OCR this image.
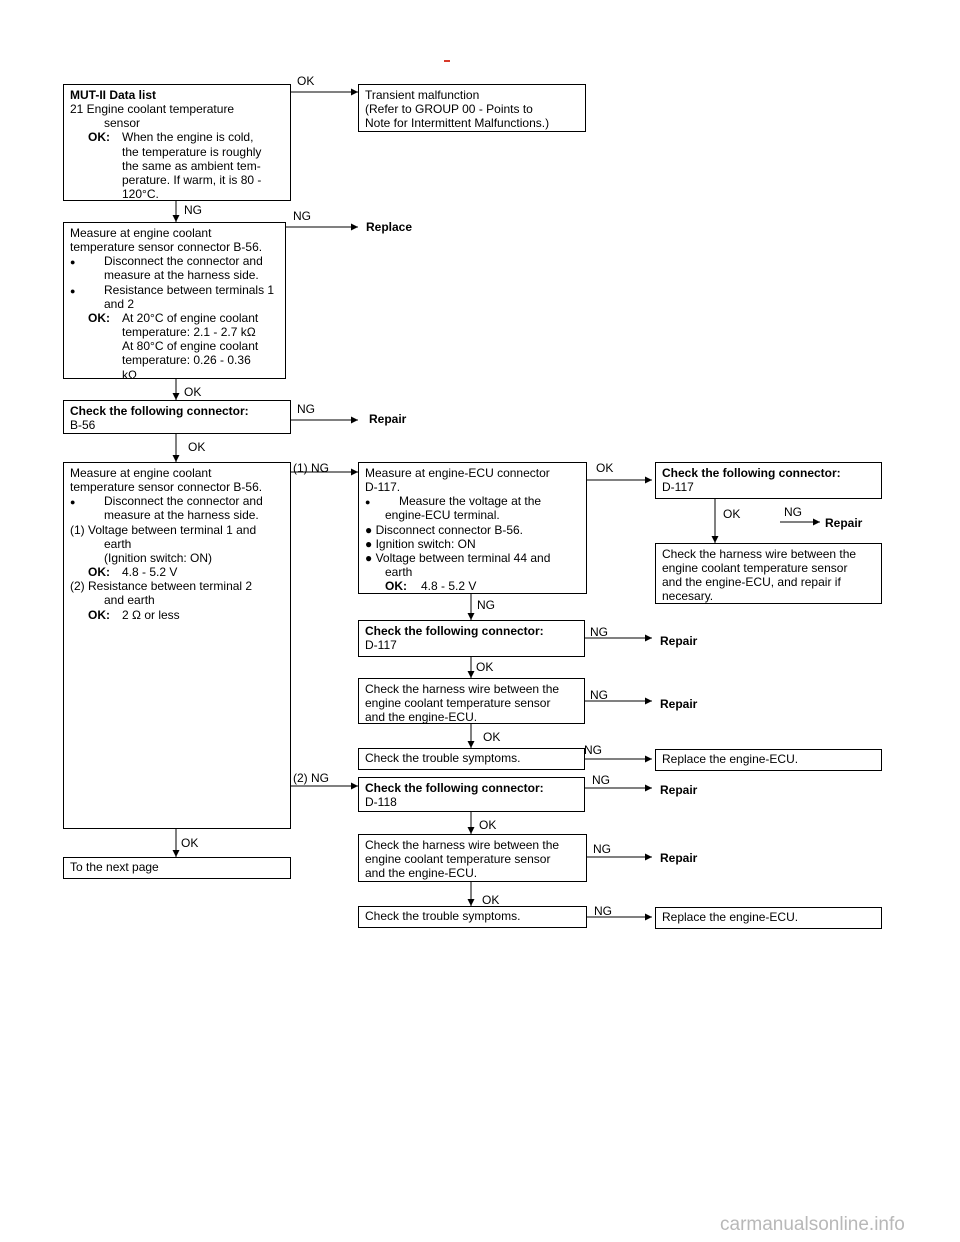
MUT-II Data list
21 Engine coolant temperature
sensor
OK:	When the engine is cold,
the temperature is roughly
the same as ambient tem-
perature. If warm, it is 80 -
120°C.
Transient malfunction
(Refer to GROUP 00 - Points to
Note for Intermittent Malfunctions.)
Measure at engine coolant
temperature sensor connector B-56.
● Disconnect the connector and
measure at the harness side.
● Resistance between terminals 1
and 2
OK:	At 20°C of engine coolant
temperature: 2.1 - 2.7 kΩ
At 80°C of engine coolant
temperature: 0.26 - 0.36
kΩ
Check the following connector:
B-56
Measure at engine coolant
temperature sensor connector B-56.
● Disconnect the connector and
measure at the harness side.
(1) Voltage between terminal 1 and
earth
(Ignition switch: ON)
OK:	4.8 - 5.2 V
(2) Resistance between terminal 2
and earth
OK:	2 Ω or less
To the next page
Measure at engine-ECU connector
D-117.
● Measure the voltage at the
engine-ECU terminal.
● Disconnect connector B-56.
● Ignition switch: ON
● Voltage between terminal 44 and
earth
OK:	4.8 - 5.2 V
Check the following connector:
D-117
Check the harness wire between the
engine coolant temperature sensor
and the engine-ECU, and repair if
necesary.
Check the following connector:
D-117
Check the harness wire between the
engine coolant temperature sensor
and the engine-ECU.
Check the trouble symptoms.	Replace the engine-ECU.
Check the following connector:
D-118
Check the harness wire between the
engine coolant temperature sensor
and the engine-ECU.
Check the trouble symptoms.	Replace the engine-ECU.
Replace
Repair
Repair
Repair
Repair
Repair
Repair
OK
NG	NG
OK
NG
OK
(1) NG	OK
OK	NG
NG
NG
OK
NG
OK
NG
(2) NG	NG
OK
OK	NG
OK
NG
carmanualsonline.info
